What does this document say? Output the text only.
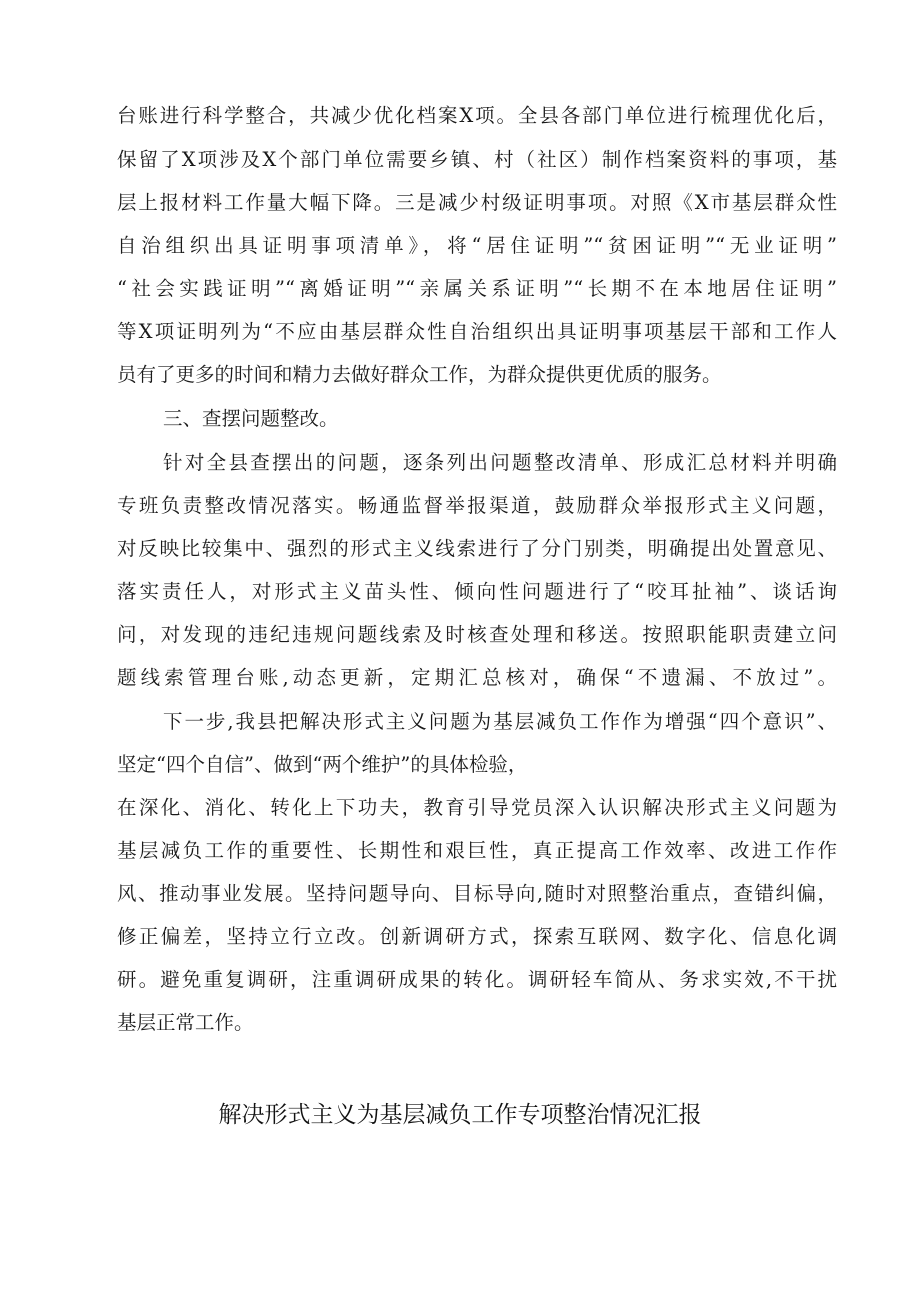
台账进行科学整合，共减少优化档案X项。全县各部门单位进行梳理优化后，
保留了X项涉及X个部门单位需要乡镇、村（社区）制作档案资料的事项，基
层上报材料工作量大幅下降。三是减少村级证明事项。对照《X市基层群众性
自治组织出具证明事项清单》，将“居住证明”“贫困证明”“无业证明”
“社会实践证明”“离婚证明”“亲属关系证明”“长期不在本地居住证明”
等X项证明列为“不应由基层群众性自治组织出具证明事项基层干部和工作人
员有了更多的时间和精力去做好群众工作，为群众提供更优质的服务。
三、查摆问题整改。
针对全县查摆出的问题，逐条列出问题整改清单、形成汇总材料并明确
专班负责整改情况落实。畅通监督举报渠道，鼓励群众举报形式主义问题，
对反映比较集中、强烈的形式主义线索进行了分门别类，明确提出处置意见、
落实责任人，对形式主义苗头性、倾向性问题进行了“咬耳扯袖”、谈话询
问，对发现的违纪违规问题线索及时核查处理和移送。按照职能职责建立问
题线索管理台账,动态更新，定期汇总核对，确保“不遗漏、不放过”。
下一步,我县把解决形式主义问题为基层减负工作作为增强“四个意识”、
坚定“四个自信”、做到“两个维护”的具体检验，
在深化、消化、转化上下功夫，教育引导党员深入认识解决形式主义问题为
基层减负工作的重要性、长期性和艰巨性，真正提高工作效率、改进工作作
风、推动事业发展。坚持问题导向、目标导向,随时对照整治重点，查错纠偏，
修正偏差，坚持立行立改。创新调研方式，探索互联网、数字化、信息化调
研。避免重复调研，注重调研成果的转化。调研轻车简从、务求实效,不干扰
基层正常工作。
解决形式主义为基层减负工作专项整治情况汇报
